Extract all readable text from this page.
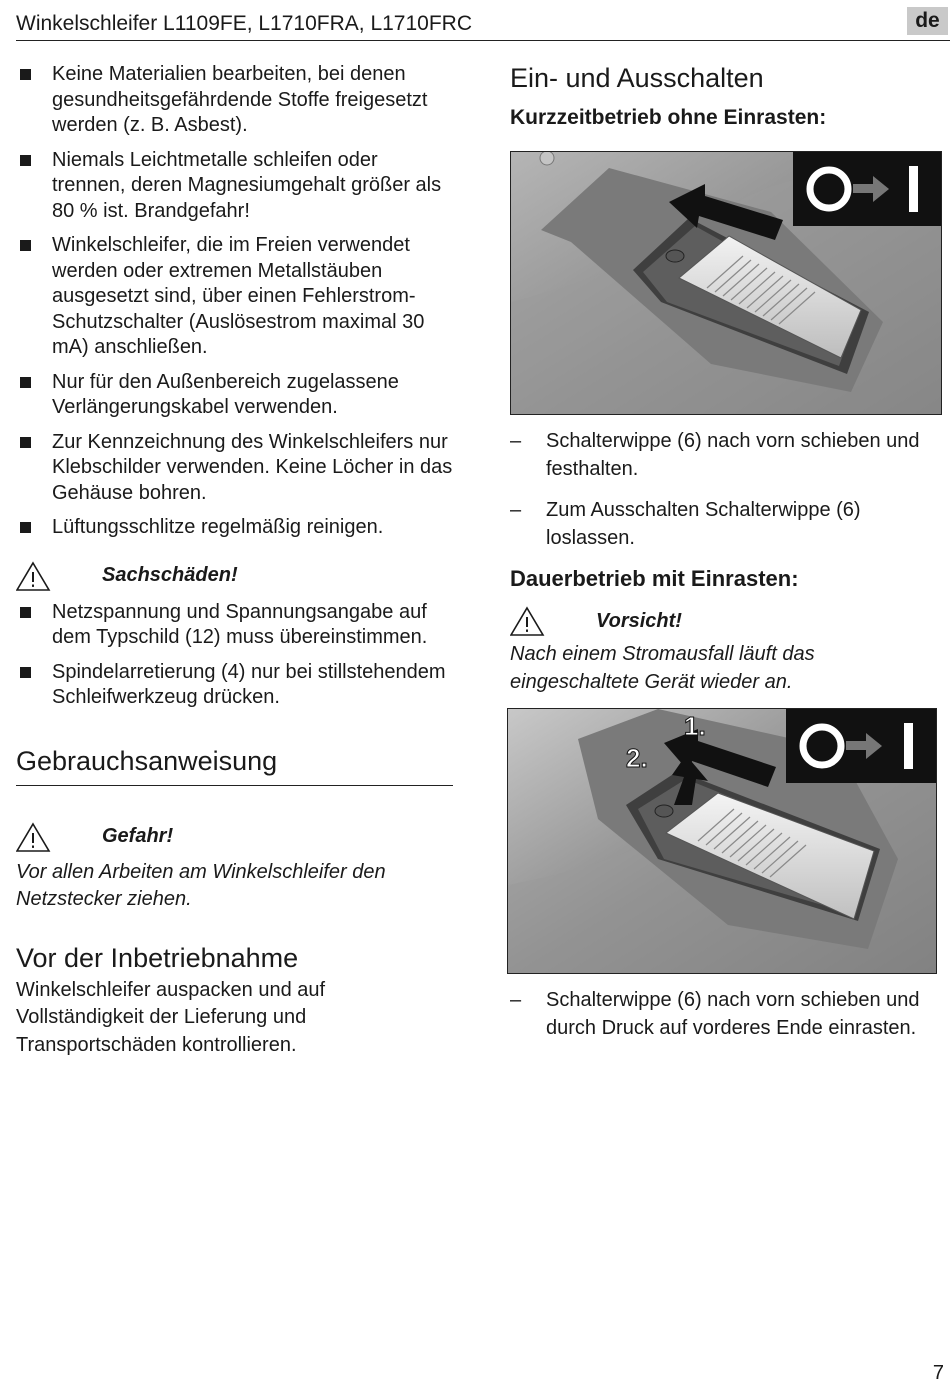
Winkelschleifer L1109FE, L1710FRA, L1710FRC	de
Keine Materialien bearbeiten, bei denen gesundheitsgefährdende Stoffe freigesetzt werden (z. B. Asbest).
Niemals Leichtmetalle schleifen oder trennen, deren Magnesiumgehalt größer als 80 % ist. Brandgefahr!
Winkelschleifer, die im Freien verwendet werden oder extremen Metallstäuben ausgesetzt sind, über einen Fehlerstrom-Schutzschalter (Auslösestrom maximal 30 mA) anschließen.
Nur für den Außenbereich zugelassene Verlängerungskabel verwenden.
Zur Kennzeichnung des Winkelschleifers nur Klebschilder verwenden. Keine Löcher in das Gehäuse bohren.
Lüftungsschlitze regelmäßig reinigen.
Sachschäden!
Netzspannung und Spannungsangabe auf dem Typschild (12) muss übereinstimmen.
Spindelarretierung (4) nur bei stillstehendem Schleifwerkzeug drücken.
Gebrauchsanweisung
Gefahr!
Vor allen Arbeiten am Winkelschleifer den Netzstecker ziehen.
Vor der Inbetriebnahme
Winkelschleifer auspacken und auf Vollständigkeit der Lieferung und Transportschäden kontrollieren.
Ein- und Ausschalten
Kurzzeitbetrieb ohne Einrasten:
– Schalterwippe (6) nach vorn schieben und festhalten.
– Zum Ausschalten Schalterwippe (6) loslassen.
Dauerbetrieb mit Einrasten:
Vorsicht!
Nach einem Stromausfall läuft das eingeschaltete Gerät wieder an.
1.
2.
– Schalterwippe (6) nach vorn schieben und durch Druck auf vorderes Ende einrasten.
7
